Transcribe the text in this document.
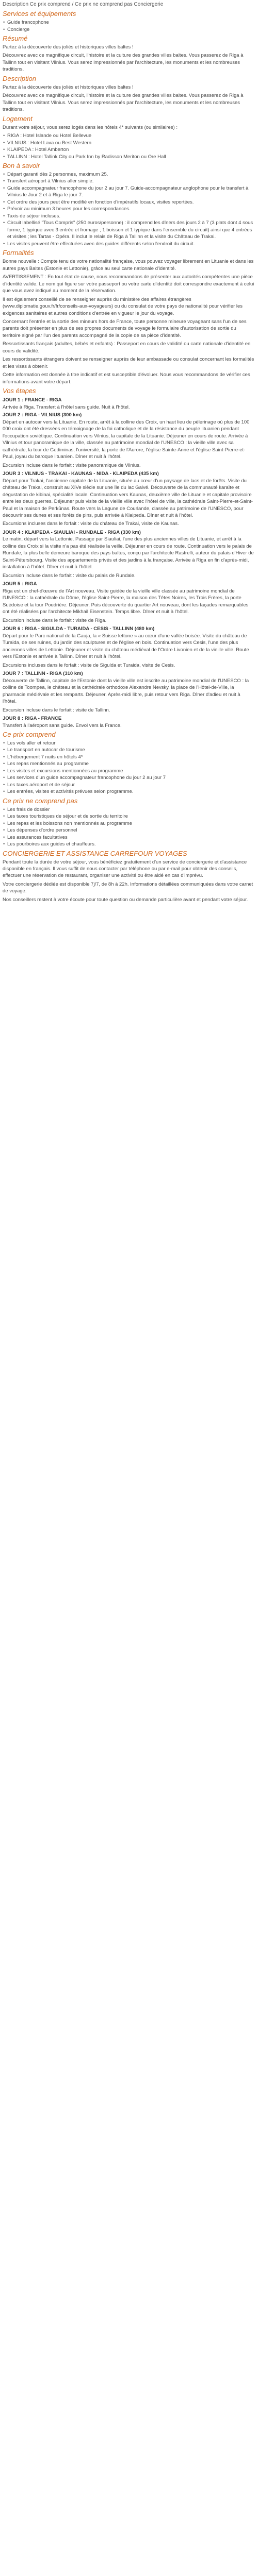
Description Ce prix comprend / Ce prix ne comprend pas Conciergerie
Services et équipements
• Guide francophone
• Concierge
Résumé

Partez à la découverte des joliés et historiques villes baltes !

Découvrez avec ce magnifique circuit, l'histoire et la culture des grandes villes baltes. Vous passerez de Riga à Tallinn tout en visitant Vilnius. Vous serez impressionnés par l'architecture, les monuments et les nombreuses traditions.

Description

Partez à la découverte des joliés et historiques villes baltes !

Découvrez avec ce magnifique circuit, l'histoire et la culture des grandes villes baltes. Vous passerez de Riga à Tallinn tout en visitant Vilnius. Vous serez impressionnés par l'architecture, les monuments et les nombreuses traditions.

Logement

Durant votre séjour, vous serez logés dans les hôtels 4* suivants (ou similaires) :

• RIGA : Hotel Islande ou Hotel Bellevue
• VILNIUS : Hotel Lava ou Best Western
• KLAIPEDA : Hotel Amberton
• TALLINN : Hotel Tallink City ou Park Inn by Radisson Meriton ou Ore Hall
Bon à savoir
• Départ garanti dès 2 personnes, maximum 25.
• Transfert aéroport à Vilnius aller simple.
• Guide accompagnateur francophone du jour 2 au jour 7. Guide-accompagnateur anglophone pour le transfert à Vilnius le Jour 2 et à Riga le jour 7.
• Cet ordre des jours peut être modifié en fonction d'impératifs locaux, visites reportées.
• Prévoir au minimum 3 heures pour les correspondances.
• Taxis de séjour incluses.
• Circuit labellisé "Tous Compris" (250 euros/personne) : il comprend les dîners des jours 2 à 7 (3 plats dont 4 sous forme, 1 typique avec 3 entrée et fromage ; 1 boisson et 1 typique dans l'ensemble du circuit) ainsi que 4 entrées et visites ; les Tartas - Opéra. Il inclut le relais de Riga à Tallinn et la visite du Château de Trakai.
• Les visites peuvent être effectuées avec des guides différents selon l'endroit du circuit.
Formalités

Bonne nouvelle : Compte tenu de votre nationalité française, vous pouvez voyager librement en Lituanie et dans les autres pays Baltes (Estonie et Lettonie), grâce au seul carte nationale d'identité.

AVERTISSEMENT : En tout état de cause, nous recommandons de présenter aux autorités compétentes une pièce d'identité valide. Le nom qui figure sur votre passeport ou votre carte d'identité doit correspondre exactement à celui que vous avez indiqué au moment de la réservation.

Il est également conseillé de se renseigner auprès du ministère des affaires étrangères (www.diplomatie.gouv.fr/fr/conseils-aux-voyageurs) ou du consulat de votre pays de nationalité pour vérifier les exigences sanitaires et autres conditions d'entrée en vigueur le jour du voyage.

Concernant l'entrée et la sortie des mineurs hors de France, toute personne mineure voyageant sans l'un de ses parents doit présenter en plus de ses propres documents de voyage le formulaire d'autorisation de sortie du territoire signé par l'un des parents accompagné de la copie de sa pièce d'identité.

Ressortissants français (adultes, bébés et enfants) : Passeport en cours de validité ou carte nationale d'identité en cours de validité.

Les ressortissants étrangers doivent se renseigner auprès de leur ambassade ou consulat concernant les formalités et les visas à obtenir.

Cette information est donnée à titre indicatif et est susceptible d'évoluer. Nous vous recommandons de vérifier ces informations avant votre départ.

Vos étapes
JOUR 1 : FRANCE - RIGA
Arrivée à Riga. Transfert à l'hôtel sans guide. Nuit à l'hôtel.
JOUR 2 : RIGA - VILNIUS (300 km)

Départ en autocar vers la Lituanie. En route, arrêt à la colline des Croix, un haut lieu de pèlerinage où plus de 100 000 croix ont été dressées en témoignage de la foi catholique et de la résistance du peuple lituanien pendant l'occupation soviétique. Continuation vers Vilnius, la capitale de la Lituanie. Déjeuner en cours de route. Arrivée à Vilnius et tour panoramique de la ville, classée au patrimoine mondial de l'UNESCO : la vieille ville avec sa cathédrale, la tour de Gediminas, l'université, la porte de l'Aurore, l'église Sainte-Anne et l'église Saint-Pierre-et-Paul, joyau du baroque lituanien. Dîner et nuit à l'hôtel.

Excursion incluse dans le forfait : visite panoramique de Vilnius.

JOUR 3 : VILNIUS - TRAKAI - KAUNAS - NIDA - KLAIPEDA (435 km)

Départ pour Trakai, l'ancienne capitale de la Lituanie, située au cœur d'un paysage de lacs et de forêts. Visite du château de Trakai, construit au XIVe siècle sur une île du lac Galvé. Découverte de la communauté karaïte et dégustation de kibinai, spécialité locale. Continuation vers Kaunas, deuxième ville de Lituanie et capitale provisoire entre les deux guerres. Déjeuner puis visite de la vieille ville avec l'hôtel de ville, la cathédrale Saint-Pierre-et-Saint-Paul et la maison de Perkūnas. Route vers la Lagune de Courlande, classée au patrimoine de l'UNESCO, pour découvrir ses dunes et ses forêts de pins, puis arrivée à Klaipeda. Dîner et nuit à l'hôtel.

Excursions incluses dans le forfait : visite du château de Trakai, visite de Kaunas.

JOUR 4 : KLAIPEDA - SIAULIAI - RUNDALE - RIGA (330 km)

Le matin, départ vers la Lettonie. Passage par Siauliai, l'une des plus anciennes villes de Lituanie, et arrêt à la colline des Croix si la visite n'a pas été réalisée la veille. Déjeuner en cours de route. Continuation vers le palais de Rundale, la plus belle demeure baroque des pays baltes, conçu par l'architecte Rastrelli, auteur du palais d'Hiver de Saint-Pétersbourg. Visite des appartements privés et des jardins à la française. Arrivée à Riga en fin d'après-midi, installation à l'hôtel. Dîner et nuit à l'hôtel.

Excursion incluse dans le forfait : visite du palais de Rundale.

JOUR 5 : RIGA

Riga est un chef-d'œuvre de l'Art nouveau. Visite guidée de la vieille ville classée au patrimoine mondial de l'UNESCO : la cathédrale du Dôme, l'église Saint-Pierre, la maison des Têtes Noires, les Trois Frères, la porte Suédoise et la tour Poudrière. Déjeuner. Puis découverte du quartier Art nouveau, dont les façades remarquables ont été réalisées par l'architecte Mikhail Eisenstein. Temps libre. Dîner et nuit à l'hôtel.

Excursion incluse dans le forfait : visite de Riga.

JOUR 6 : RIGA - SIGULDA - TURAIDA - CESIS - TALLINN (480 km)

Départ pour le Parc national de la Gauja, la « Suisse lettone » au cœur d'une vallée boisée. Visite du château de Turaida, de ses ruines, du jardin des sculptures et de l'église en bois. Continuation vers Cesis, l'une des plus anciennes villes de Lettonie. Déjeuner et visite du château médiéval de l'Ordre Livonien et de la vieille ville. Route vers l'Estonie et arrivée à Tallinn. Dîner et nuit à l'hôtel.

Excursions incluses dans le forfait : visite de Sigulda et Turaida, visite de Cesis.

JOUR 7 : TALLINN - RIGA (310 km)

Découverte de Tallinn, capitale de l'Estonie dont la vieille ville est inscrite au patrimoine mondial de l'UNESCO : la colline de Toompea, le château et la cathédrale orthodoxe Alexandre Nevsky, la place de l'Hôtel-de-Ville, la pharmacie médiévale et les remparts. Déjeuner. Après-midi libre, puis retour vers Riga. Dîner d'adieu et nuit à l'hôtel.

Excursion incluse dans le forfait : visite de Tallinn.

JOUR 8 : RIGA - FRANCE
Transfert à l'aéroport sans guide. Envol vers la France.
Ce prix comprend
• Les vols aller et retour
• Le transport en autocar de tourisme
• L'hébergement 7 nuits en hôtels 4*
• Les repas mentionnés au programme
• Les visites et excursions mentionnées au programme
• Les services d'un guide accompagnateur francophone du jour 2 au jour 7
• Les taxes aéroport et de séjour
• Les entrées, visites et activités prévues selon programme.
Ce prix ne comprend pas
• Les frais de dossier
• Les taxes touristiques de séjour et de sortie du territoire
• Les repas et les boissons non mentionnés au programme
• Les dépenses d'ordre personnel
• Les assurances facultatives
• Les pourboires aux guides et chauffeurs.
CONCIERGERIE ET ASSISTANCE CARREFOUR VOYAGES

Pendant toute la durée de votre séjour, vous bénéficiez gratuitement d'un service de conciergerie et d'assistance disponible en français. Il vous suffit de nous contacter par téléphone ou par e-mail pour obtenir des conseils, effectuer une réservation de restaurant, organiser une activité ou être aidé en cas d'imprévu.

Votre conciergerie dédiée est disponible 7j/7, de 8h à 22h. Informations détaillées communiquées dans votre carnet de voyage.

Nos conseillers restent à votre écoute pour toute question ou demande particulière avant et pendant votre séjour.
